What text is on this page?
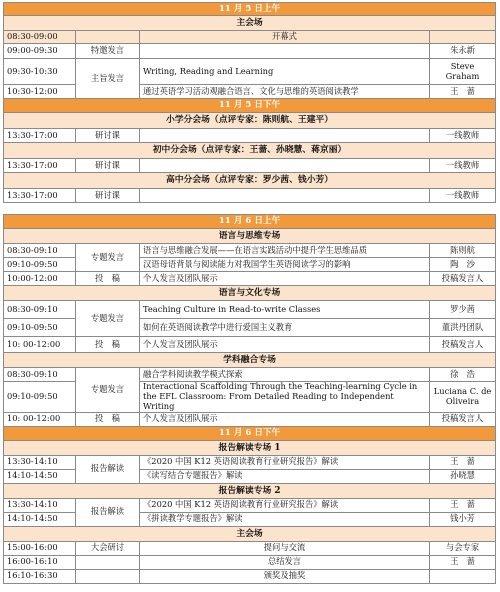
11 月 5 日上午			
主会场			
08:30-09:00		开幕式	
09:00-09:30	特邀发言		朱永新
09:30-10:30	主旨发言	Writing, Reading and Learning	Steve Graham
10:30-12:00		通过英语学习活动观融合语言、文化与思维的英语阅读教学	王　蔷
11 月 5 日下午			
小学分会场（点评专家：陈则航、王建平）			
13:30-17:00	研讨课		一线教师
初中分会场（点评专家：王蔷、孙晓慧、蒋京丽）			
13:30-17:00	研讨课		一线教师
高中分会场（点评专家：罗少茜、钱小芳）			
13:30-17:00	研讨课		一线教师
11 月 6 日上午			
语言与思维专场			
08:30-09:10	专题发言	语言与思维融合发展——在语言实践活动中提升学生思维品质	陈则航
09:10-09:50		汉语母语背景与阅读能力对我国学生英语阅读学习的影响	陶　沙
10:00-12:00	投　稿	个人发言及团队展示	投稿发言人
语言与文化专场			
08:30-09:10	专题发言	Teaching Culture in Read-to-write Classes	罗少茜
09:10-09:50		如何在英语阅读教学中进行爱国主义教育	董洪丹团队
10: 00-12:00	投　稿	个人发言及团队展示	投稿发言人
学科融合专场			
08:30-09:10	专题发言	融合学科阅读教学模式探索	徐　浩
09:10-09:50		Interactional Scaffolding Through the Teaching-learning Cycle in the EFL Classroom: From Detailed Reading to Independent Writing	Luciana C. de Oliveira
10: 00-12:00	投　稿	个人发言及团队展示	投稿发言人
11 月 6 日下午			
报告解读专场 1			
13:30-14:10	报告解读	《2020 中国 K12 英语阅读教育行业研究报告》解读	王　蔷
14:10-14:50		《读写结合专题报告》解读	孙晓慧
报告解读专场 2			
13:30-14:10	报告解读	《2020 中国 K12 英语阅读教育行业研究报告》解读	王　蔷
14:10-14:50		《拼读教学专题报告》解读	钱小芳
主会场			
15:00-16:00	大会研讨	提问与交流	与会专家
16:00-16:10		总结发言	王　蔷
16:10-16:30		颁奖及抽奖	
